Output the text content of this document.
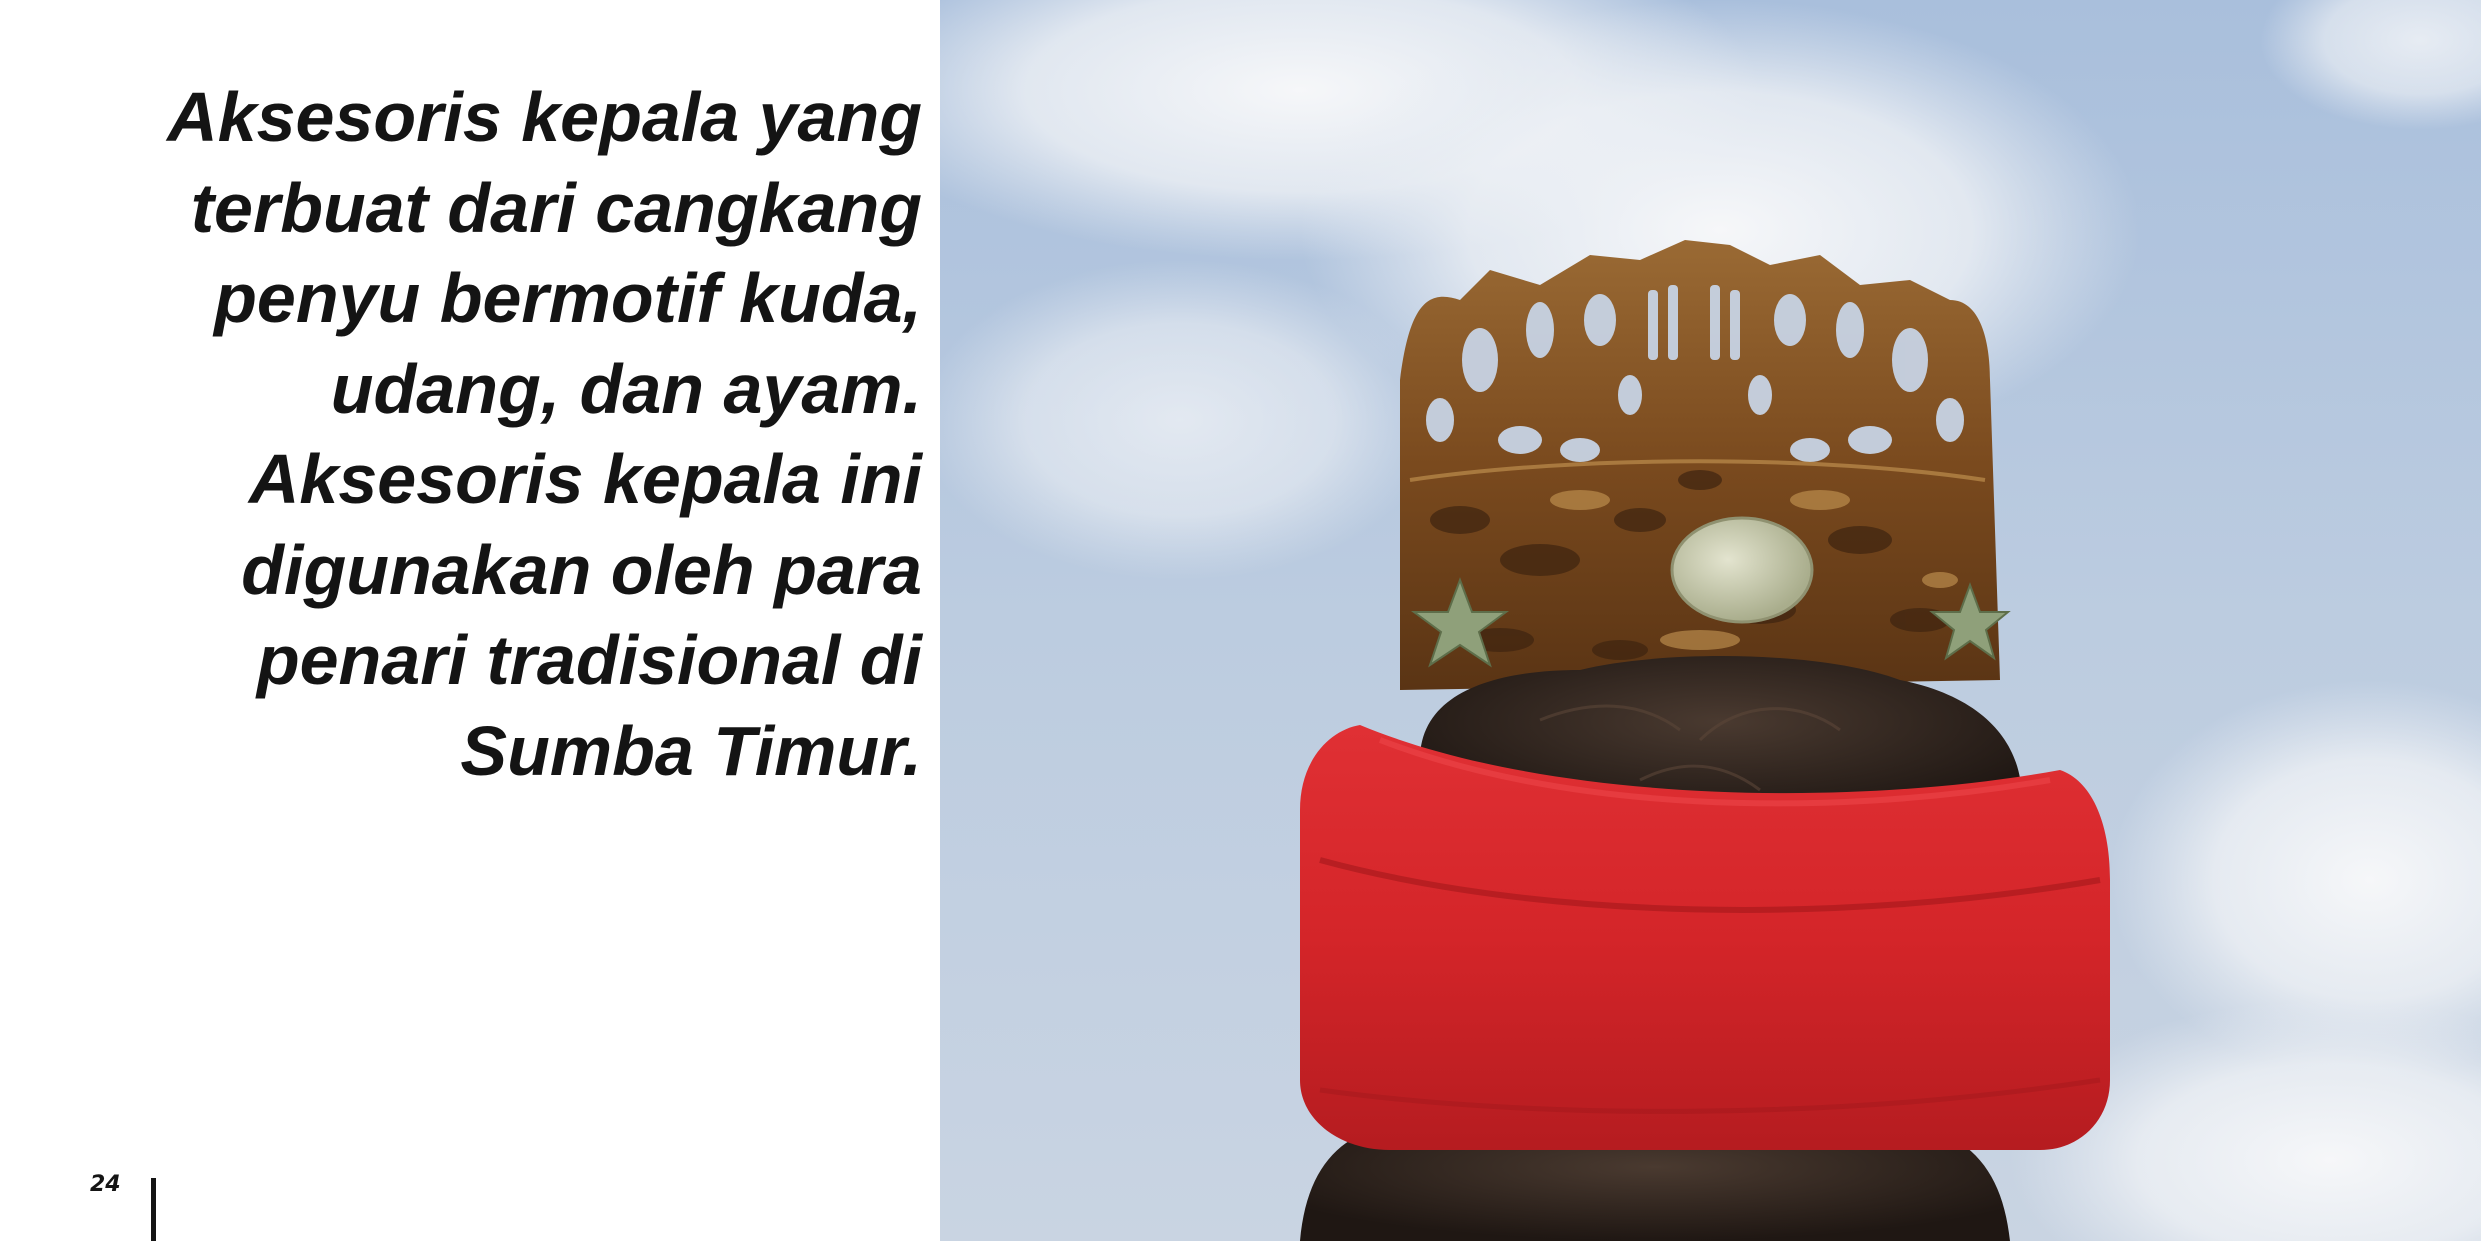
Aksesoris kepala yang
terbuat dari cangkang
penyu bermotif kuda,
udang, dan ayam.
Aksesoris kepala ini
digunakan oleh para
penari tradisional di
Sumba Timur.

24
